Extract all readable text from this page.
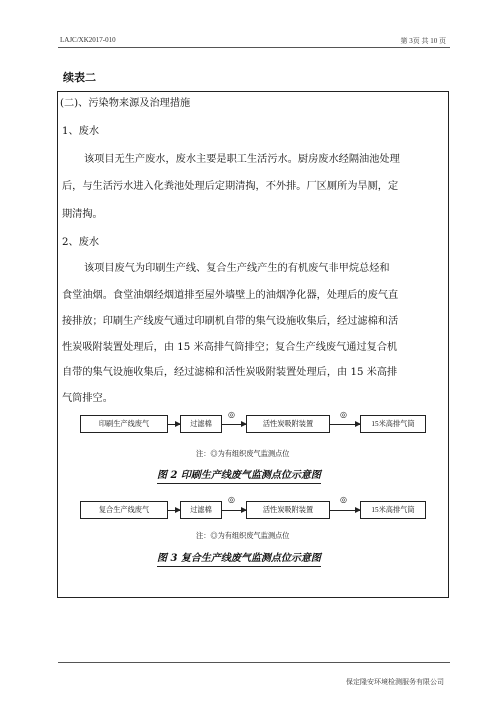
LAJC/XK2017-010	第 3页 共 10 页
续表二
(二)、污染物来源及治理措施
1、废水
该项目无生产废水，废水主要是职工生活污水。厨房废水经隔油池处理
后，与生活污水进入化粪池处理后定期清掏，不外排。厂区厕所为旱厕，定
期清掏。
2、废水
该项目废气为印刷生产线、复合生产线产生的有机废气非甲烷总烃和
食堂油烟。食堂油烟经烟道排至屋外墙壁上的油烟净化器，处理后的废气直
接排放；印刷生产线废气通过印刷机自带的集气设施收集后，经过滤棉和活
性炭吸附装置处理后，由 15 米高排气筒排空；复合生产线废气通过复合机
自带的集气设施收集后，经过滤棉和活性炭吸附装置处理后，由 15 米高排
气筒排空。
印刷生产线废气	过滤棉
◎
活性炭吸附装置
◎
15米高排气筒
注：◎为有组织废气监测点位
图 2 印刷生产线废气监测点位示意图
复合生产线废气	过滤棉
◎
活性炭吸附装置
◎
15米高排气筒
注：◎为有组织废气监测点位
图 3 复合生产线废气监测点位示意图
保定隆安环境检测服务有限公司
